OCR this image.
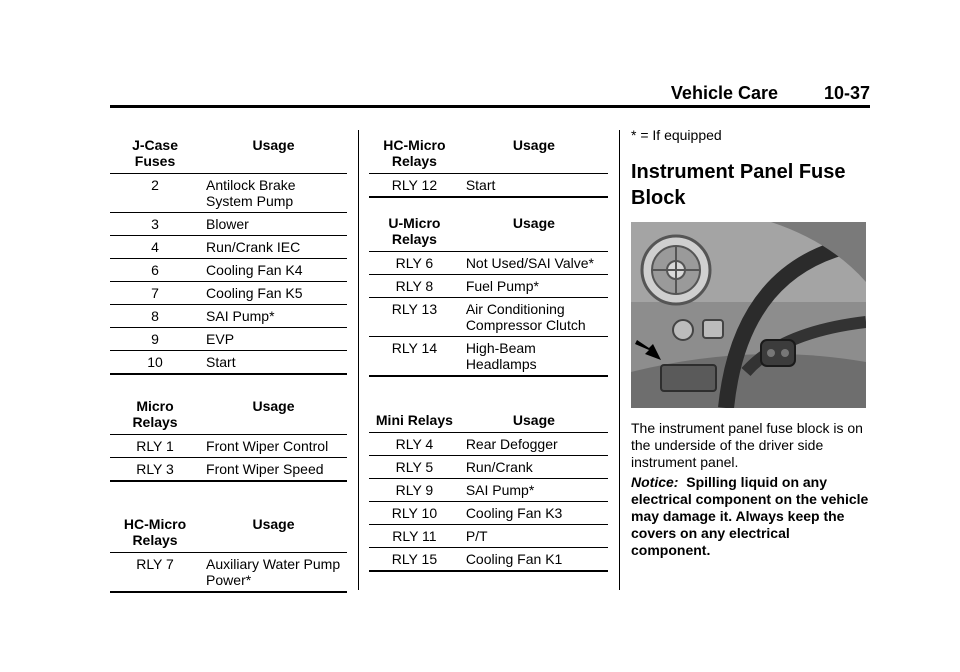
Vehicle Care	10-37
J-Case Fuses	Usage
2	Antilock Brake System Pump
3	Blower
4	Run/Crank IEC
6	Cooling Fan K4
7	Cooling Fan K5
8	SAI Pump*
9	EVP
10	Start
Micro Relays	Usage
RLY 1	Front Wiper Control
RLY 3	Front Wiper Speed
HC-Micro Relays	Usage
RLY 7	Auxiliary Water Pump Power*
HC-Micro Relays	Usage
RLY 12	Start
U-Micro Relays	Usage
RLY 6	Not Used/SAI Valve*
RLY 8	Fuel Pump*
RLY 13	Air Conditioning Compressor Clutch
RLY 14	High-Beam Headlamps
Mini Relays	Usage
RLY 4	Rear Defogger
RLY 5	Run/Crank
RLY 9	SAI Pump*
RLY 10	Cooling Fan K3
RLY 11	P/T
RLY 15	Cooling Fan K1
* = If equipped
Instrument Panel Fuse Block
The instrument panel fuse block is on the underside of the driver side instrument panel.
Notice: Spilling liquid on any electrical component on the vehicle may damage it. Always keep the covers on any electrical component.
